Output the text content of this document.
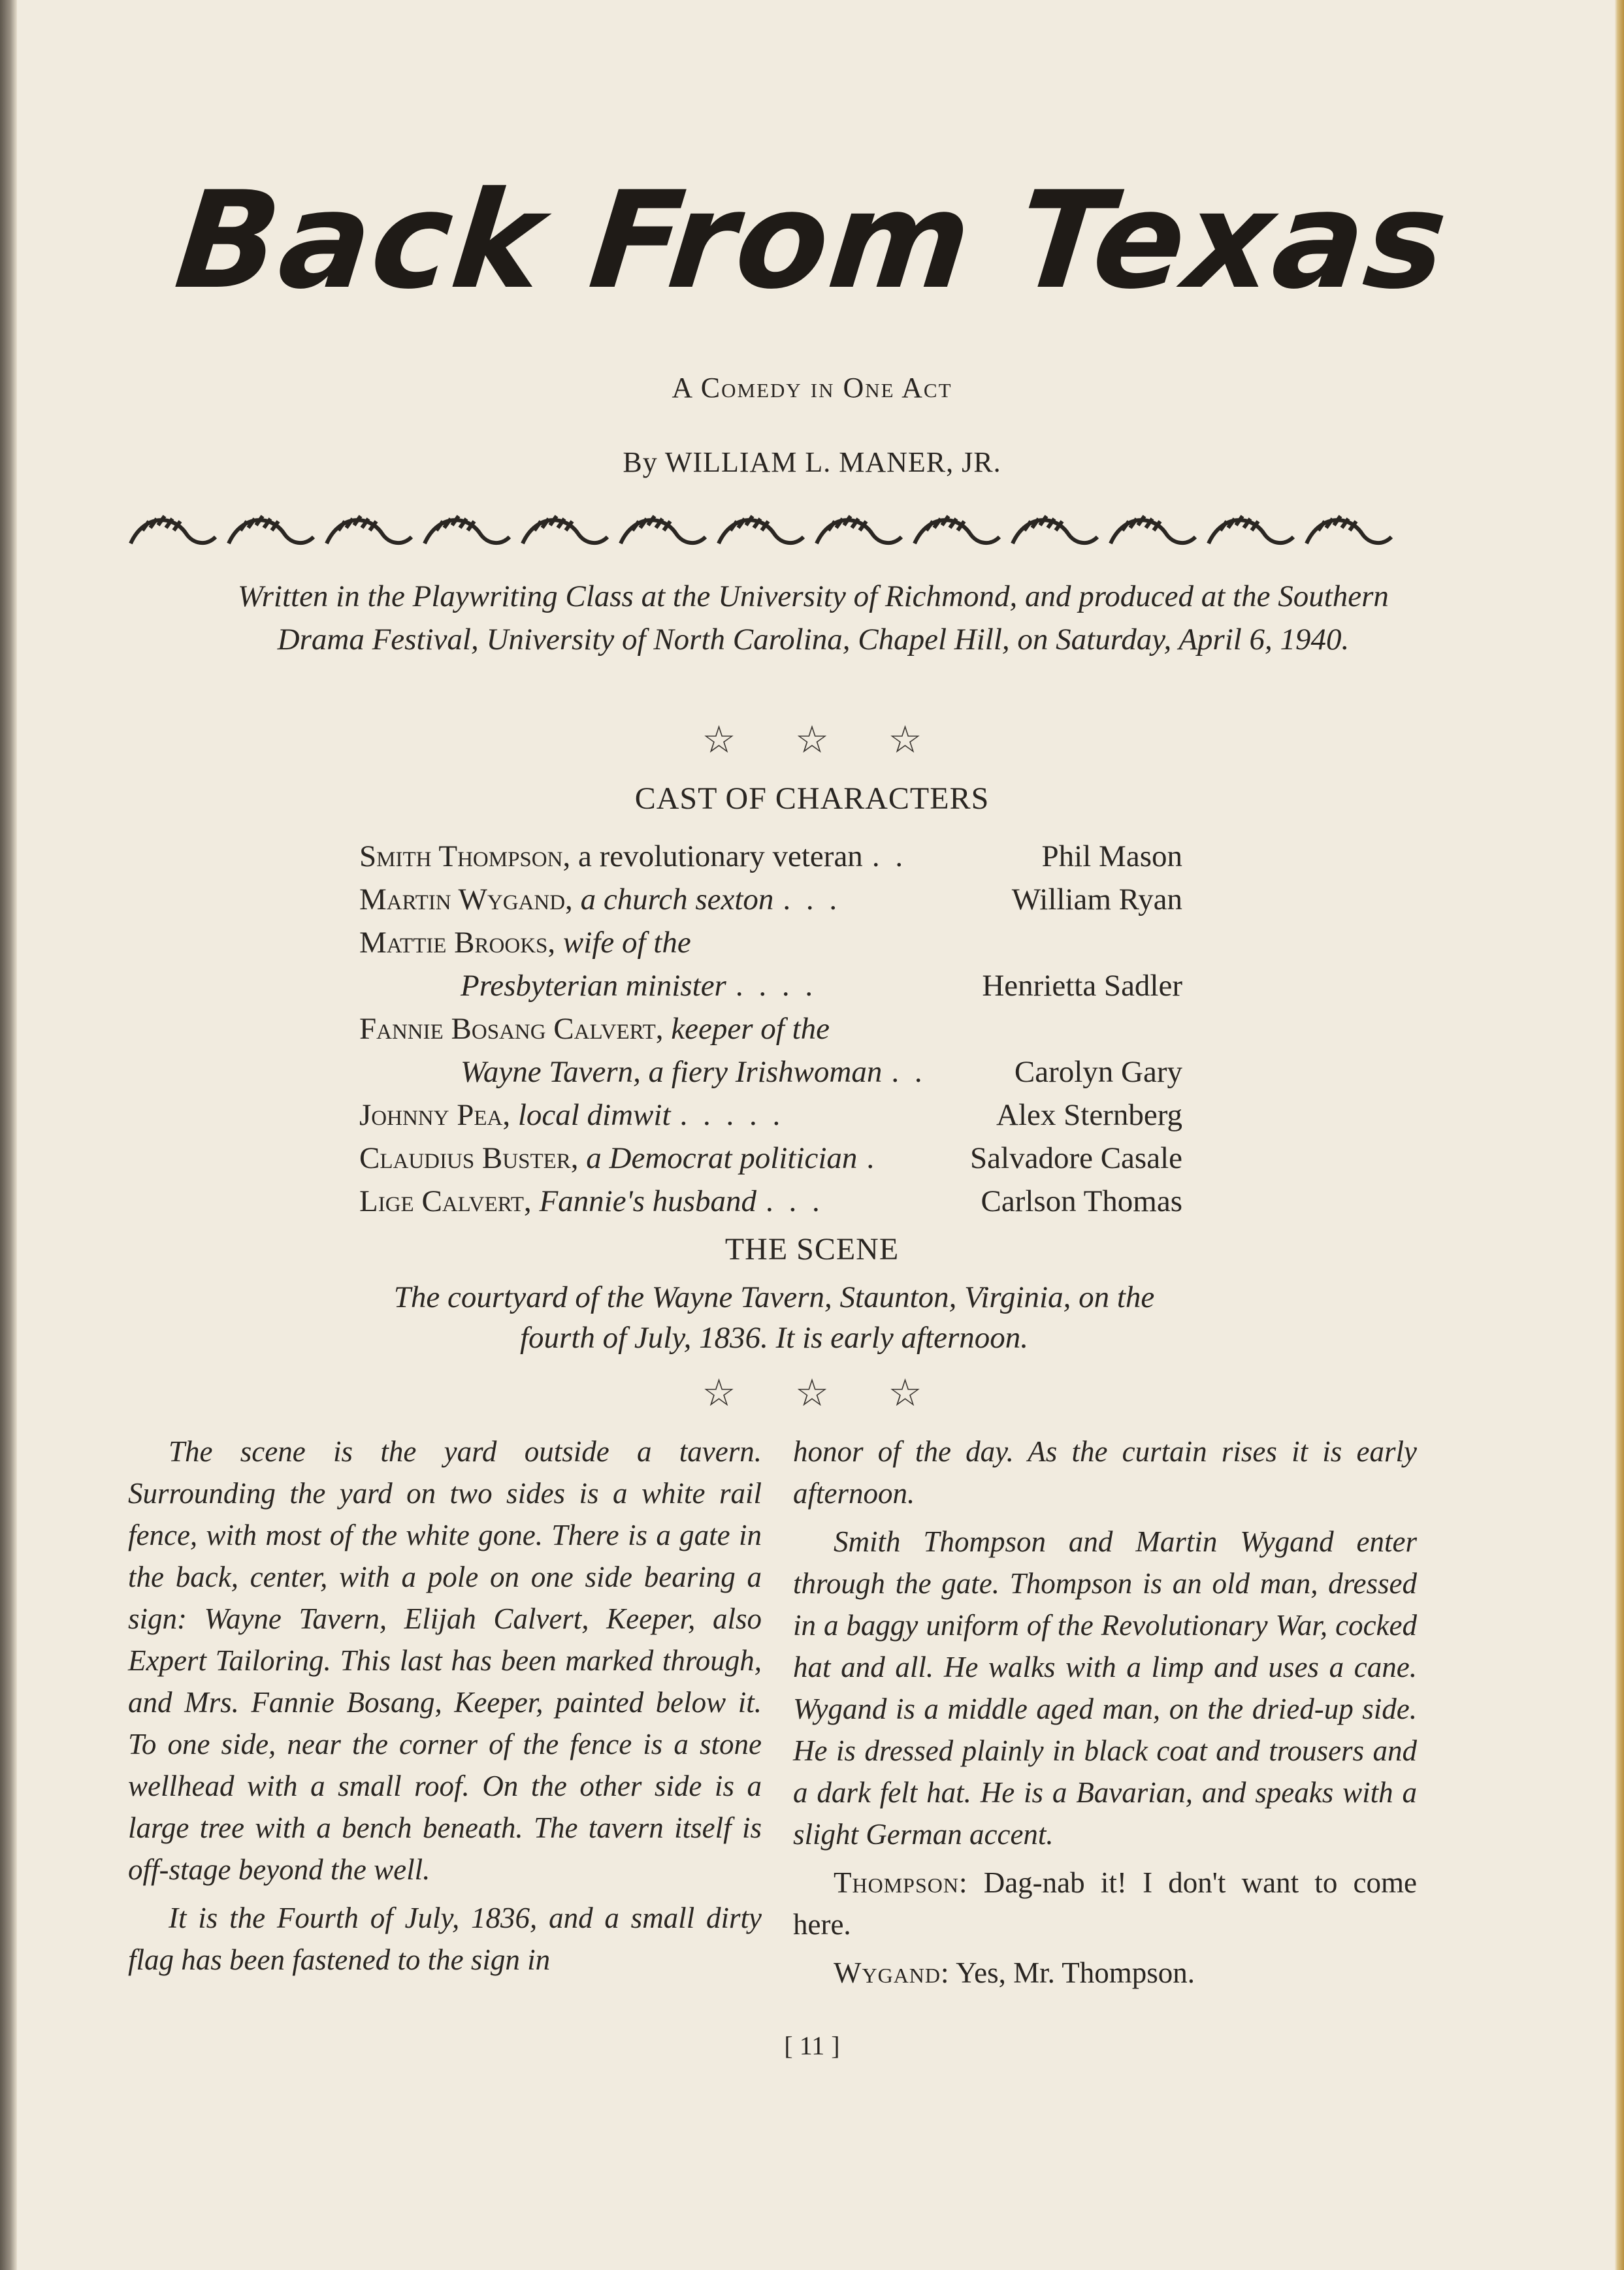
Back From Texas
A Comedy in One Act
By WILLIAM L. MANER, JR.
Written in the Playwriting Class at the University of Richmond, and produced at the Southern Drama Festival, University of North Carolina, Chapel Hill, on Saturday, April 6, 1940.
☆ ☆ ☆
CAST OF CHARACTERS
Smith Thompson, a revolutionary veteran . .	Phil Mason
Martin Wygand, a church sexton . . .	William Ryan
Mattie Brooks, wife of the
Presbyterian minister . . . .	Henrietta Sadler
Fannie Bosang Calvert, keeper of the
Wayne Tavern, a fiery Irishwoman . .	Carolyn Gary
Johnny Pea, local dimwit . . . . .	Alex Sternberg
Claudius Buster, a Democrat politician .	Salvadore Casale
Lige Calvert, Fannie's husband . . .	Carlson Thomas
THE SCENE
The courtyard of the Wayne Tavern, Staunton, Virginia, on the fourth of July, 1836. It is early afternoon.
☆ ☆ ☆

The scene is the yard outside a tavern. Surrounding the yard on two sides is a white rail fence, with most of the white gone. There is a gate in the back, center, with a pole on one side bearing a sign: Wayne Tavern, Elijah Calvert, Keeper, also Expert Tailoring. This last has been marked through, and Mrs. Fannie Bosang, Keeper, painted below it. To one side, near the corner of the fence is a stone wellhead with a small roof. On the other side is a large tree with a bench beneath. The tavern itself is off-stage beyond the well.

It is the Fourth of July, 1836, and a small dirty flag has been fastened to the sign in

honor of the day. As the curtain rises it is early afternoon.

Smith Thompson and Martin Wygand enter through the gate. Thompson is an old man, dressed in a baggy uniform of the Revolutionary War, cocked hat and all. He walks with a limp and uses a cane. Wygand is a middle aged man, on the dried-up side. He is dressed plainly in black coat and trousers and a dark felt hat. He is a Bavarian, and speaks with a slight German accent.

Thompson: Dag-nab it! I don't want to come here.

Wygand: Yes, Mr. Thompson.

[ 11 ]
